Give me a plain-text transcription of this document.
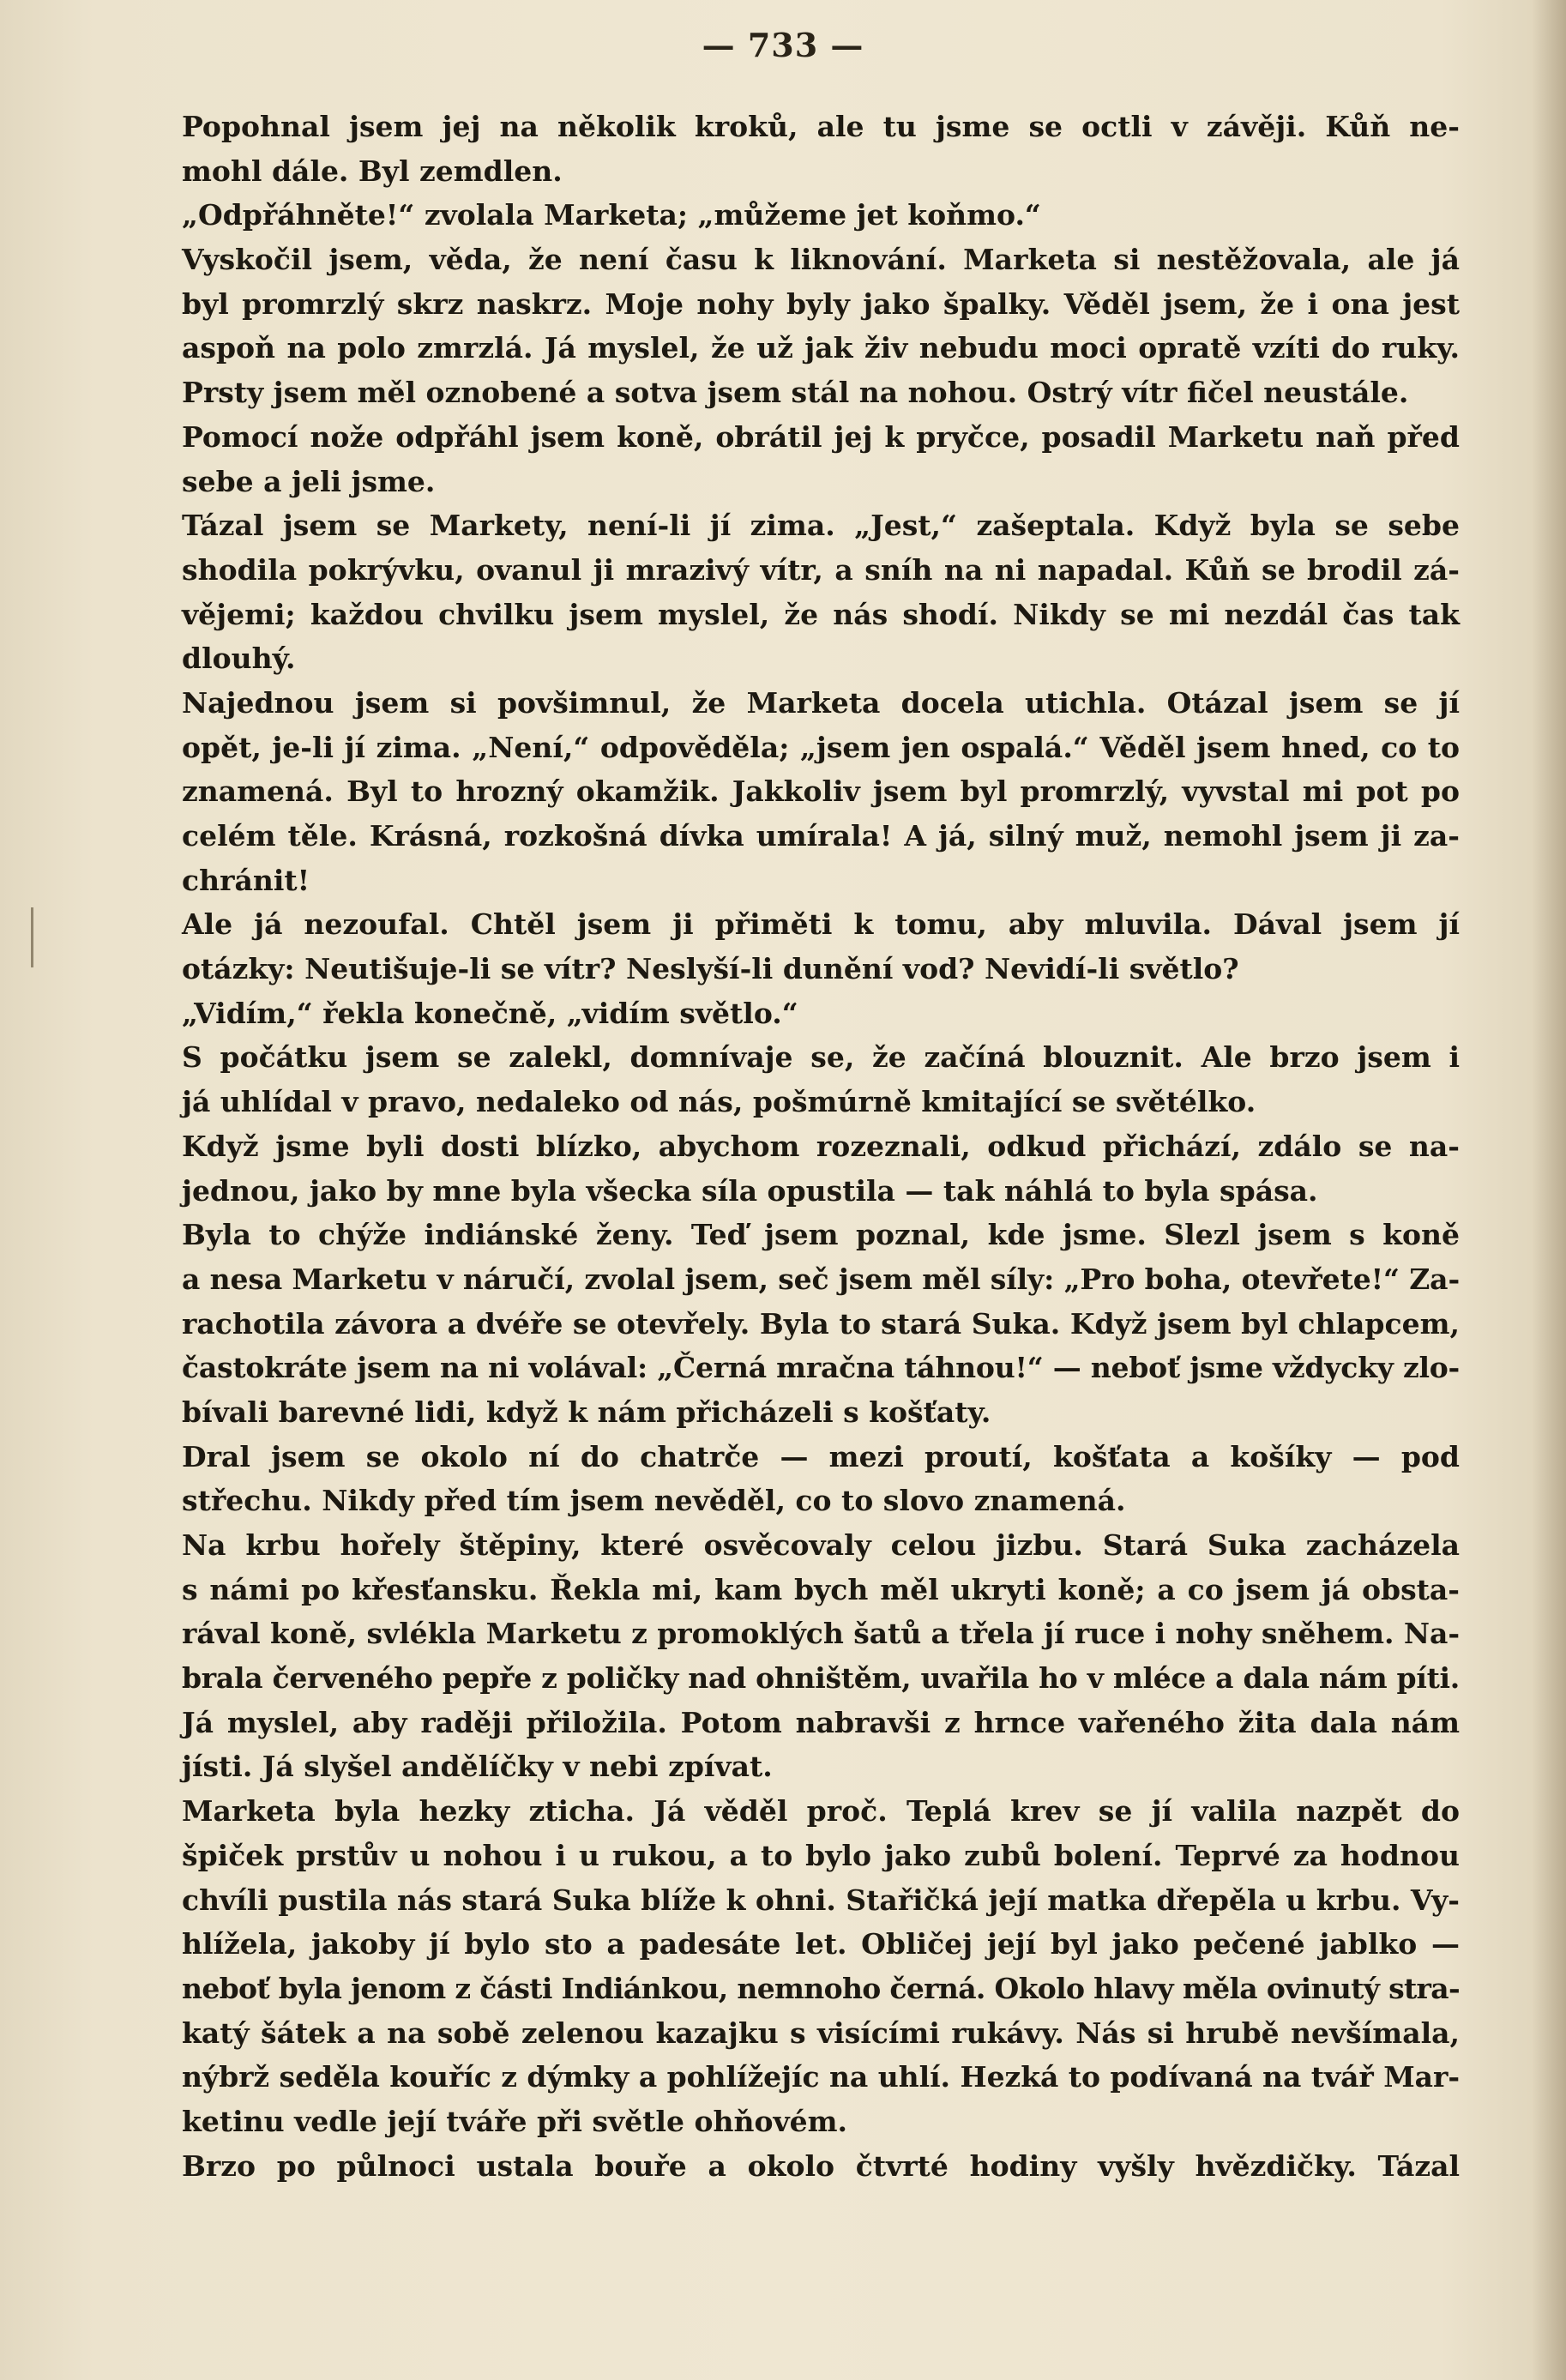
— 733 —
Popohnal jsem jej na několik kroků, ale tu jsme se octli v závěji. Kůň ne-
mohl dále. Byl zemdlen.
„Odpřáhněte!“ zvolala Marketa; „můžeme jet koňmo.“
Vyskočil jsem, věda, že není času k liknování. Marketa si nestěžovala, ale já
byl promrzlý skrz naskrz. Moje nohy byly jako špalky. Věděl jsem, že i ona jest
aspoň na polo zmrzlá. Já myslel, že už jak živ nebudu moci opratě vzíti do ruky.
Prsty jsem měl oznobené a sotva jsem stál na nohou. Ostrý vítr fičel neustále.
Pomocí nože odpřáhl jsem koně, obrátil jej k pryčce, posadil Marketu naň před
sebe a jeli jsme.
Tázal jsem se Markety, není-li jí zima. „Jest,“ zašeptala. Když byla se sebe
shodila pokrývku, ovanul ji mrazivý vítr, a sníh na ni napadal. Kůň se brodil zá-
vějemi; každou chvilku jsem myslel, že nás shodí. Nikdy se mi nezdál čas tak
dlouhý.
Najednou jsem si povšimnul, že Marketa docela utichla. Otázal jsem se jí
opět, je-li jí zima. „Není,“ odpověděla; „jsem jen ospalá.“ Věděl jsem hned, co to
znamená. Byl to hrozný okamžik. Jakkoliv jsem byl promrzlý, vyvstal mi pot po
celém těle. Krásná, rozkošná dívka umírala! A já, silný muž, nemohl jsem ji za-
chránit!
Ale já nezoufal. Chtěl jsem ji přiměti k tomu, aby mluvila. Dával jsem jí
otázky: Neutišuje-li se vítr? Neslyší-li dunění vod? Nevidí-li světlo?
„Vidím,“ řekla konečně, „vidím světlo.“
S počátku jsem se zalekl, domnívaje se, že začíná blouznit. Ale brzo jsem i
já uhlídal v pravo, nedaleko od nás, pošmúrně kmitající se světélko.
Když jsme byli dosti blízko, abychom rozeznali, odkud přichází, zdálo se na-
jednou, jako by mne byla všecka síla opustila — tak náhlá to byla spása.
Byla to chýže indiánské ženy. Teď jsem poznal, kde jsme. Slezl jsem s koně
a nesa Marketu v náručí, zvolal jsem, seč jsem měl síly: „Pro boha, otevřete!“ Za-
rachotila závora a dvéře se otevřely. Byla to stará Suka. Když jsem byl chlapcem,
častokráte jsem na ni volával: „Černá mračna táhnou!“ — neboť jsme vždycky zlo-
bívali barevné lidi, když k nám přicházeli s košťaty.
Dral jsem se okolo ní do chatrče — mezi proutí, košťata a košíky — pod
střechu. Nikdy před tím jsem nevěděl, co to slovo znamená.
Na krbu hořely štěpiny, které osvěcovaly celou jizbu. Stará Suka zacházela
s námi po křesťansku. Řekla mi, kam bych měl ukryti koně; a co jsem já obsta-
rával koně, svlékla Marketu z promoklých šatů a třela jí ruce i nohy sněhem. Na-
brala červeného pepře z poličky nad ohništěm, uvařila ho v mléce a dala nám píti.
Já myslel, aby raději přiložila. Potom nabravši z hrnce vařeného žita dala nám
jísti. Já slyšel andělíčky v nebi zpívat.
Marketa byla hezky zticha. Já věděl proč. Teplá krev se jí valila nazpět do
špiček prstův u nohou i u rukou, a to bylo jako zubů bolení. Teprvé za hodnou
chvíli pustila nás stará Suka blíže k ohni. Stařičká její matka dřepěla u krbu. Vy-
hlížela, jakoby jí bylo sto a padesáte let. Obličej její byl jako pečené jablko —
neboť byla jenom z části Indiánkou, nemnoho černá. Okolo hlavy měla ovinutý stra-
katý šátek a na sobě zelenou kazajku s visícími rukávy. Nás si hrubě nevšímala,
nýbrž seděla kouříc z dýmky a pohlížejíc na uhlí. Hezká to podívaná na tvář Mar-
ketinu vedle její tváře při světle ohňovém.
Brzo po půlnoci ustala bouře a okolo čtvrté hodiny vyšly hvězdičky. Tázal
